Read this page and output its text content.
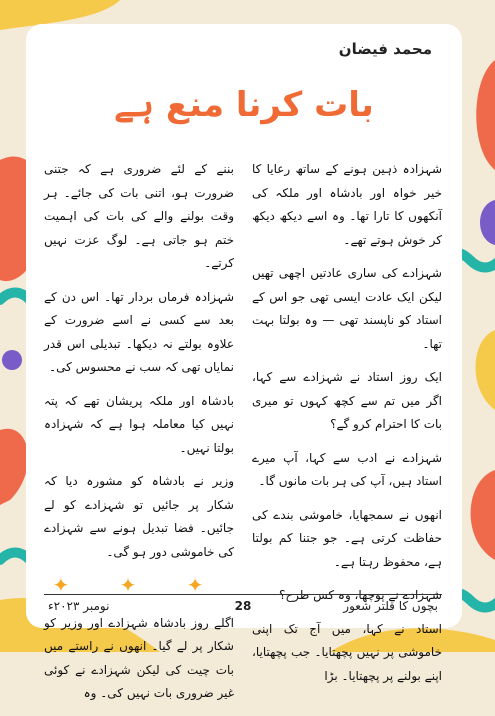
محمد فیضان
بات کرنا منع ہے

شہزادہ ذہین ہونے کے ساتھ رعایا کا خیر خواہ اور بادشاہ اور ملکہ کی آنکھوں کا تارا تھا۔ وہ اسے دیکھ دیکھ کر خوش ہوتے تھے۔

شہزادے کی ساری عادتیں اچھی تھیں لیکن ایک عادت ایسی تھی جو اس کے استاد کو ناپسند تھی — وہ بولتا بہت تھا۔

ایک روز استاد نے شہزادے سے کہا، اگر میں تم سے کچھ کہوں تو میری بات کا احترام کرو گے؟

شہزادے نے ادب سے کہا، آپ میرے استاد ہیں، آپ کی ہر بات مانوں گا۔

انھوں نے سمجھایا، خاموشی بندے کی حفاظت کرتی ہے۔ جو جتنا کم بولتا ہے، محفوظ رہتا ہے۔

شہزادے نے پوچھا، وہ کس طرح؟

استاد نے کہا، میں آج تک اپنی خاموشی پر نہیں پچھتایا۔ جب پچھتایا، اپنے بولنے پر پچھتایا۔ بڑا

بننے کے لئے ضروری ہے کہ جتنی ضرورت ہو، اتنی بات کی جائے۔ ہر وقت بولنے والے کی بات کی اہمیت ختم ہو جاتی ہے۔ لوگ عزت نہیں کرتے۔

شہزادہ فرماں بردار تھا۔ اس دن کے بعد سے کسی نے اسے ضرورت کے علاوہ بولتے نہ دیکھا۔ تبدیلی اس قدر نمایاں تھی کہ سب نے محسوس کی۔

بادشاہ اور ملکہ پریشان تھے کہ پتہ نہیں کیا معاملہ ہوا ہے کہ شہزادہ بولتا نہیں۔

وزیر نے بادشاہ کو مشورہ دیا کہ شکار پر جائیں تو شہزادے کو لے جائیں۔ فضا تبدیل ہونے سے شہزادے کی خاموشی دور ہو گی۔

✦ ✦ ✦

اگلے روز بادشاہ شہزادے اور وزیر کو شکار پر لے گیا۔ انھوں نے راستے میں بات چیت کی لیکن شہزادے نے کوئی غیر ضروری بات نہیں کی۔ وہ

بچوں کا قلتر شعور
28
نومبر ۲۰۲۳ء
